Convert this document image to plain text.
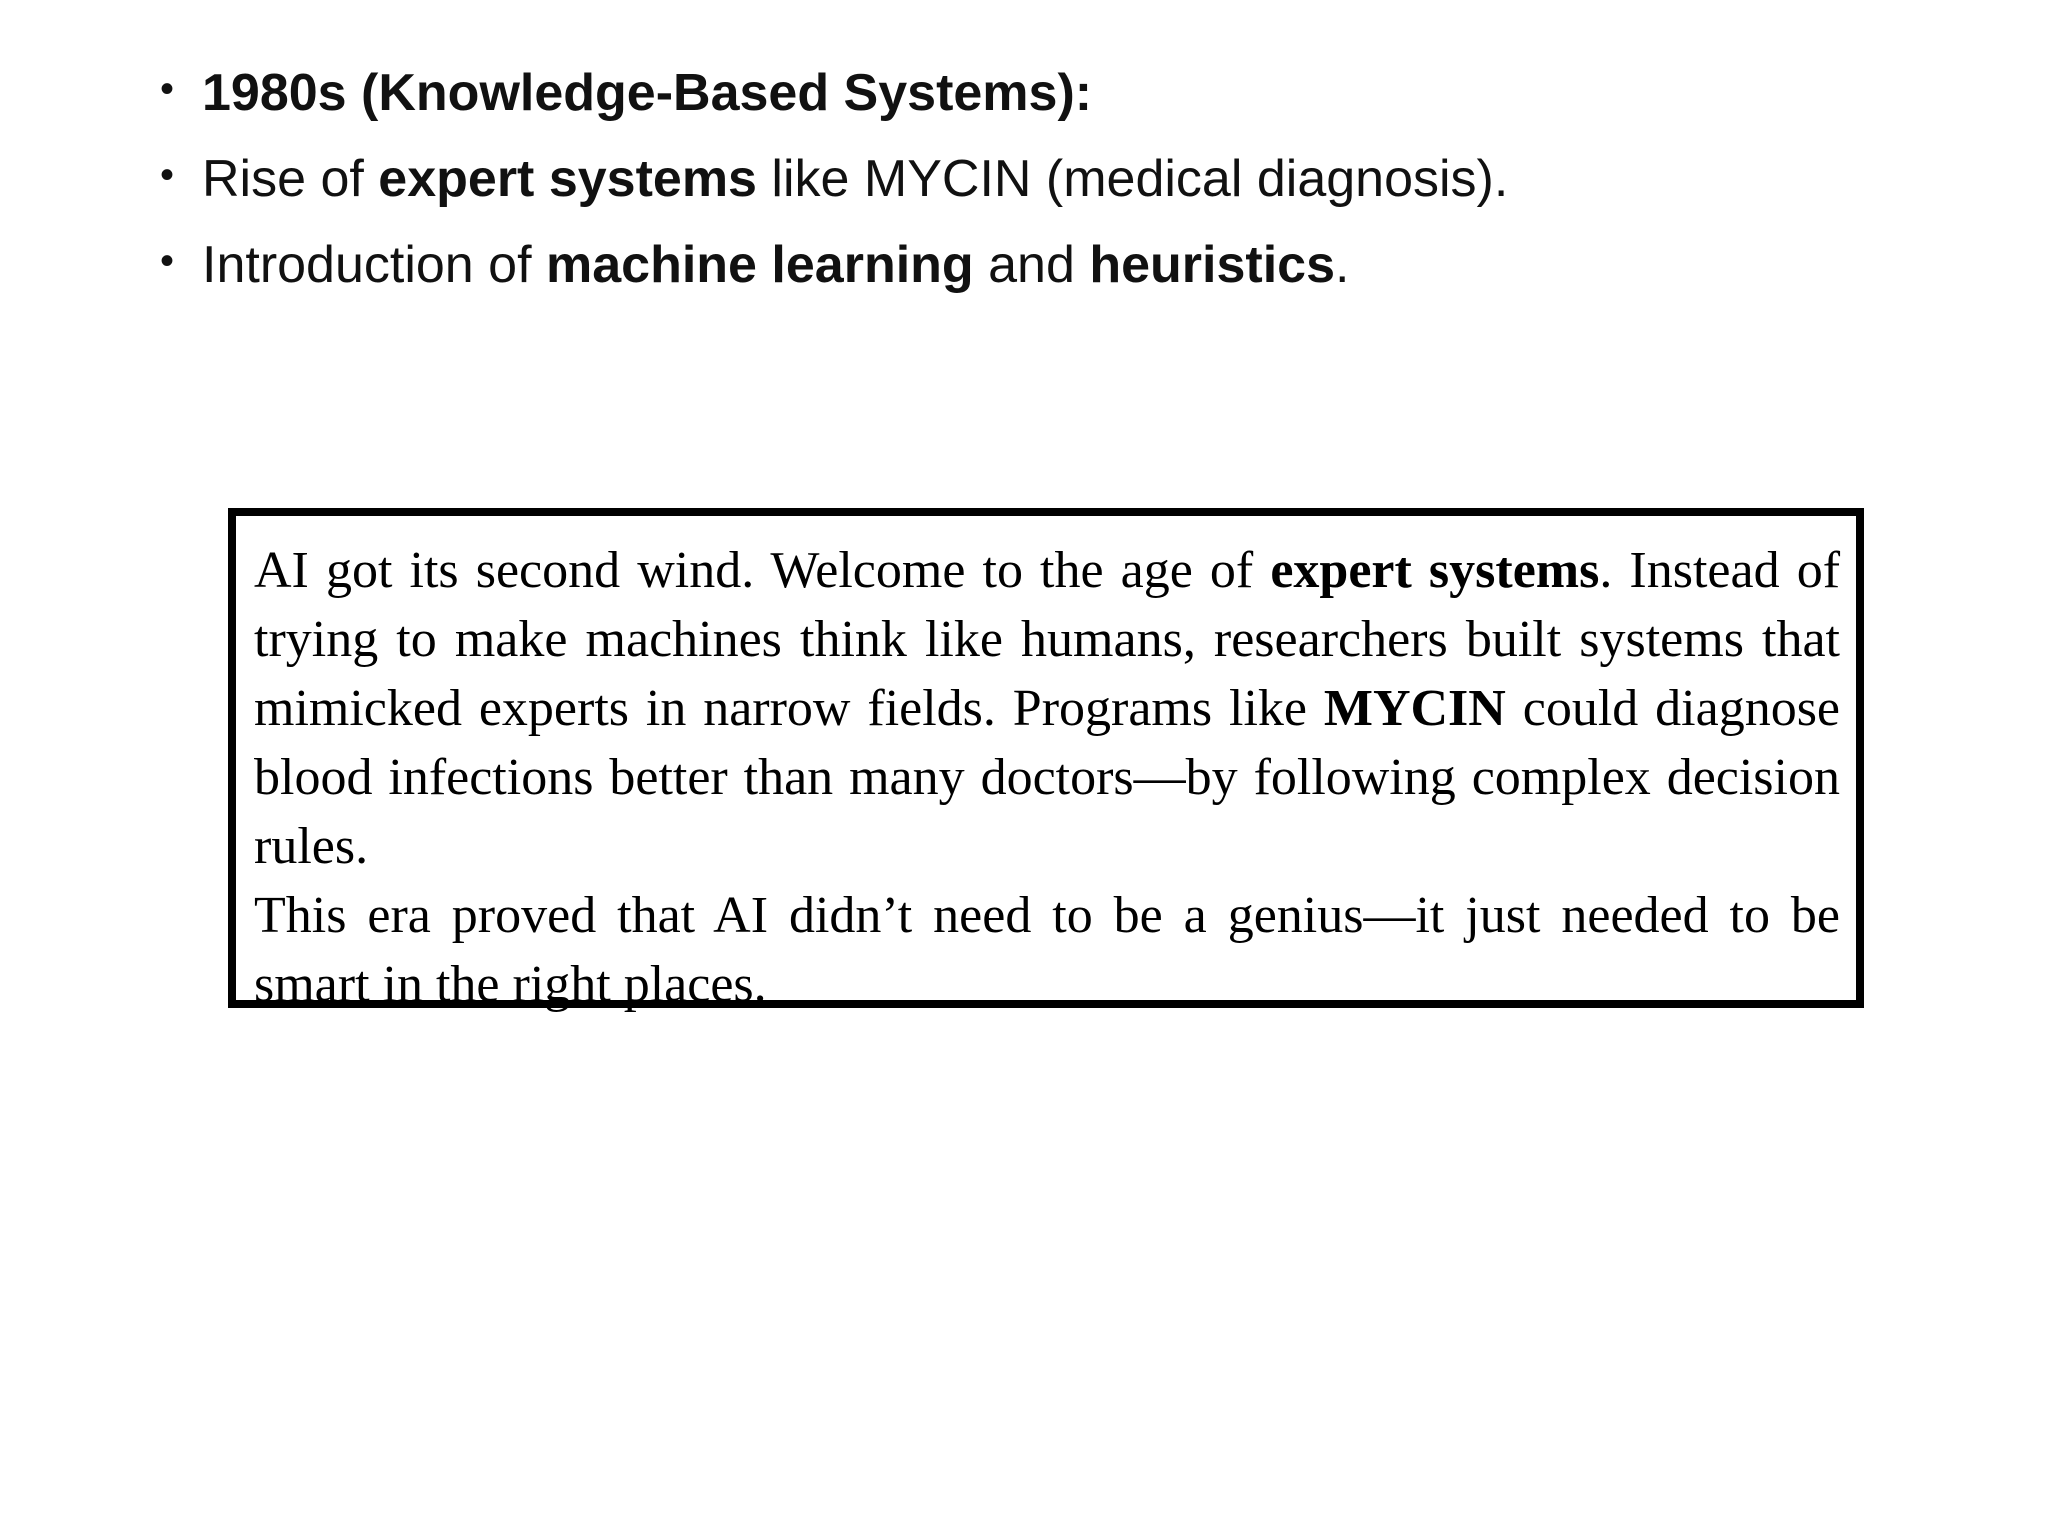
• 1980s (Knowledge-Based Systems):
• Rise of expert systems like MYCIN (medical diagnosis).
• Introduction of machine learning and heuristics.

AI got its second wind. Welcome to the age of expert systems. Instead of trying to make machines think like humans, researchers built systems that mimicked experts in narrow fields. Programs like MYCIN could diagnose blood infections better than many doctors—by following complex decision rules.

This era proved that AI didn’t need to be a genius—it just needed to be smart in the right places.
